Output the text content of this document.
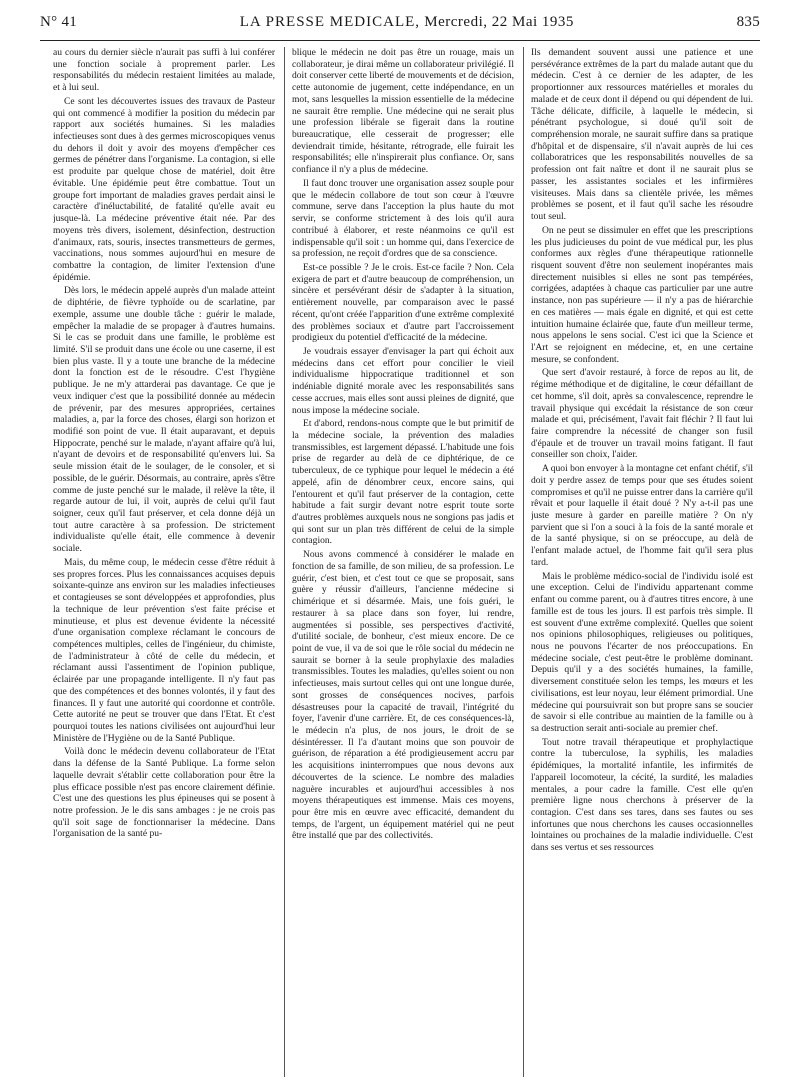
N° 41	LA PRESSE MEDICALE, Mercredi, 22 Mai 1935	835

au cours du dernier siècle n'aurait pas suffi à lui conférer une fonction sociale à proprement parler. Les responsabilités du médecin restaient limitées au malade, et à lui seul.

Ce sont les découvertes issues des travaux de Pasteur qui ont commencé à modifier la position du médecin par rapport aux sociétés humaines. Si les maladies infectieuses sont dues à des germes microscopiques venus du dehors il doit y avoir des moyens d'empêcher ces germes de pénétrer dans l'organisme. La contagion, si elle est produite par quelque chose de matériel, doit être évitable. Une épidémie peut être combattue. Tout un groupe fort important de maladies graves perdait ainsi le caractère d'inéluctabilité, de fatalité qu'elle avait eu jusque-là. La médecine préventive était née. Par des moyens très divers, isolement, désinfection, destruction d'animaux, rats, souris, insectes transmetteurs de germes, vaccinations, nous sommes aujourd'hui en mesure de combattre la contagion, de limiter l'extension d'une épidémie.

Dès lors, le médecin appelé auprès d'un malade atteint de diphtérie, de fièvre typhoïde ou de scarlatine, par exemple, assume une double tâche : guérir le malade, empêcher la maladie de se propager à d'autres humains. Si le cas se produit dans une famille, le problème est limité. S'il se produit dans une école ou une caserne, il est bien plus vaste. Il y a toute une branche de la médecine dont la fonction est de le résoudre. C'est l'hygiène publique. Je ne m'y attarderai pas davantage. Ce que je veux indiquer c'est que la possibilité donnée au médecin de prévenir, par des mesures appropriées, certaines maladies, a, par la force des choses, élargi son horizon et modifié son point de vue. Il était auparavant, et depuis Hippocrate, penché sur le malade, n'ayant affaire qu'à lui, n'ayant de devoirs et de responsabilité qu'envers lui. Sa seule mission était de le soulager, de le consoler, et si possible, de le guérir. Désormais, au contraire, après s'être comme de juste penché sur le malade, il relève la tête, il regarde autour de lui, il voit, auprès de celui qu'il faut soigner, ceux qu'il faut préserver, et cela donne déjà un tout autre caractère à sa profession. De strictement individualiste qu'elle était, elle commence à devenir sociale.

Mais, du même coup, le médecin cesse d'être réduit à ses propres forces. Plus les connaissances acquises depuis soixante-quinze ans environ sur les maladies infectieuses et contagieuses se sont développées et approfondies, plus la technique de leur prévention s'est faite précise et minutieuse, et plus est devenue évidente la nécessité d'une organisation complexe réclamant le concours de compétences multiples, celles de l'ingénieur, du chimiste, de l'administrateur à côté de celle du médecin, et réclamant aussi l'assentiment de l'opinion publique, éclairée par une propagande intelligente. Il n'y faut pas que des compétences et des bonnes volontés, il y faut des finances. Il y faut une autorité qui coordonne et contrôle. Cette autorité ne peut se trouver que dans l'Etat. Et c'est pourquoi toutes les nations civilisées ont aujourd'hui leur Ministère de l'Hygiène ou de la Santé Publique.

Voilà donc le médecin devenu collaborateur de l'Etat dans la défense de la Santé Publique. La forme selon laquelle devrait s'établir cette collaboration pour être la plus efficace possible n'est pas encore clairement définie. C'est une des questions les plus épineuses qui se posent à notre profession. Je le dis sans ambages : je ne crois pas qu'il soit sage de fonctionnariser la médecine. Dans l'organisation de la santé pu-

blique le médecin ne doit pas être un rouage, mais un collaborateur, je dirai même un collaborateur privilégié. Il doit conserver cette liberté de mouvements et de décision, cette autonomie de jugement, cette indépendance, en un mot, sans lesquelles la mission essentielle de la médecine ne saurait être remplie. Une médecine qui ne serait plus une profession libérale se figerait dans la routine bureaucratique, elle cesserait de progresser; elle deviendrait timide, hésitante, rétrograde, elle fuirait les responsabilités; elle n'inspirerait plus confiance. Or, sans confiance il n'y a plus de médecine.

Il faut donc trouver une organisation assez souple pour que le médecin collabore de tout son cœur à l'œuvre commune, serve dans l'acception la plus haute du mot servir, se conforme strictement à des lois qu'il aura contribué à élaborer, et reste néanmoins ce qu'il est indispensable qu'il soit : un homme qui, dans l'exercice de sa profession, ne reçoit d'ordres que de sa conscience.

Est-ce possible ? Je le crois. Est-ce facile ? Non. Cela exigera de part et d'autre beaucoup de compréhension, un sincère et persévérant désir de s'adapter à la situation, entièrement nouvelle, par comparaison avec le passé récent, qu'ont créée l'apparition d'une extrême complexité des problèmes sociaux et d'autre part l'accroissement prodigieux du potentiel d'efficacité de la médecine.

Je voudrais essayer d'envisager la part qui échoit aux médecins dans cet effort pour concilier le vieil individualisme hippocratique traditionnel et son indéniable dignité morale avec les responsabilités sans cesse accrues, mais elles sont aussi pleines de dignité, que nous impose la médecine sociale.

Et d'abord, rendons-nous compte que le but primitif de la médecine sociale, la prévention des maladies transmissibles, est largement dépassé. L'habitude une fois prise de regarder au delà de ce diphtérique, de ce tuberculeux, de ce typhique pour lequel le médecin a été appelé, afin de dénombrer ceux, encore sains, qui l'entourent et qu'il faut préserver de la contagion, cette habitude a fait surgir devant notre esprit toute sorte d'autres problèmes auxquels nous ne songions pas jadis et qui sont sur un plan très différent de celui de la simple contagion.

Nous avons commencé à considérer le malade en fonction de sa famille, de son milieu, de sa profession. Le guérir, c'est bien, et c'est tout ce que se proposait, sans guère y réussir d'ailleurs, l'ancienne médecine si chimérique et si désarmée. Mais, une fois guéri, le restaurer à sa place dans son foyer, lui rendre, augmentées si possible, ses perspectives d'activité, d'utilité sociale, de bonheur, c'est mieux encore. De ce point de vue, il va de soi que le rôle social du médecin ne saurait se borner à la seule prophylaxie des maladies transmissibles. Toutes les maladies, qu'elles soient ou non infectieuses, mais surtout celles qui ont une longue durée, sont grosses de conséquences nocives, parfois désastreuses pour la capacité de travail, l'intégrité du foyer, l'avenir d'une carrière. Et, de ces conséquences-là, le médecin n'a plus, de nos jours, le droit de se désintéresser. Il l'a d'autant moins que son pouvoir de guérison, de réparation a été prodigieusement accru par les acquisitions ininterrompues que nous devons aux découvertes de la science. Le nombre des maladies naguère incurables et aujourd'hui accessibles à nos moyens thérapeutiques est immense. Mais ces moyens, pour être mis en œuvre avec efficacité, demandent du temps, de l'argent, un équipement matériel qui ne peut être installé que par des collectivités.

Ils demandent souvent aussi une patience et une persévérance extrêmes de la part du malade autant que du médecin. C'est à ce dernier de les adapter, de les proportionner aux ressources matérielles et morales du malade et de ceux dont il dépend ou qui dépendent de lui. Tâche délicate, difficile, à laquelle le médecin, si pénétrant psychologue, si doué qu'il soit de compréhension morale, ne saurait suffire dans sa pratique d'hôpital et de dispensaire, s'il n'avait auprès de lui ces collaboratrices que les responsabilités nouvelles de sa profession ont fait naître et dont il ne saurait plus se passer, les assistantes sociales et les infirmières visiteuses. Mais dans sa clientèle privée, les mêmes problèmes se posent, et il faut qu'il sache les résoudre tout seul.

On ne peut se dissimuler en effet que les prescriptions les plus judicieuses du point de vue médical pur, les plus conformes aux règles d'une thérapeutique rationnelle risquent souvent d'être non seulement inopérantes mais directement nuisibles si elles ne sont pas tempérées, corrigées, adaptées à chaque cas particulier par une autre instance, non pas supérieure — il n'y a pas de hiérarchie en ces matières — mais égale en dignité, et qui est cette intuition humaine éclairée que, faute d'un meilleur terme, nous appelons le sens social. C'est ici que la Science et l'Art se rejoignent en médecine, et, en une certaine mesure, se confondent.

Que sert d'avoir restauré, à force de repos au lit, de régime méthodique et de digitaline, le cœur défaillant de cet homme, s'il doit, après sa convalescence, reprendre le travail physique qui excédait la résistance de son cœur malade et qui, précisément, l'avait fait fléchir ? Il faut lui faire comprendre la nécessité de changer son fusil d'épaule et de trouver un travail moins fatigant. Il faut conseiller son choix, l'aider.

A quoi bon envoyer à la montagne cet enfant chétif, s'il doit y perdre assez de temps pour que ses études soient compromises et qu'il ne puisse entrer dans la carrière qu'il rêvait et pour laquelle il était doué ? N'y a-t-il pas une juste mesure à garder en pareille matière ? On n'y parvient que si l'on a souci à la fois de la santé morale et de la santé physique, si on se préoccupe, au delà de l'enfant malade actuel, de l'homme fait qu'il sera plus tard.

Mais le problème médico-social de l'individu isolé est une exception. Celui de l'individu appartenant comme enfant ou comme parent, ou à d'autres titres encore, à une famille est de tous les jours. Il est parfois très simple. Il est souvent d'une extrême complexité. Quelles que soient nos opinions philosophiques, religieuses ou politiques, nous ne pouvons l'écarter de nos préoccupations. En médecine sociale, c'est peut-être le problème dominant. Depuis qu'il y a des sociétés humaines, la famille, diversement constituée selon les temps, les mœurs et les civilisations, est leur noyau, leur élément primordial. Une médecine qui poursuivrait son but propre sans se soucier de savoir si elle contribue au maintien de la famille ou à sa destruction serait anti-sociale au premier chef.

Tout notre travail thérapeutique et prophylactique contre la tuberculose, la syphilis, les maladies épidémiques, la mortalité infantile, les infirmités de l'appareil locomoteur, la cécité, la surdité, les maladies mentales, a pour cadre la famille. C'est elle qu'en première ligne nous cherchons à préserver de la contagion. C'est dans ses tares, dans ses fautes ou ses infortunes que nous cherchons les causes occasionnelles lointaines ou prochaines de la maladie individuelle. C'est dans ses vertus et ses ressources
